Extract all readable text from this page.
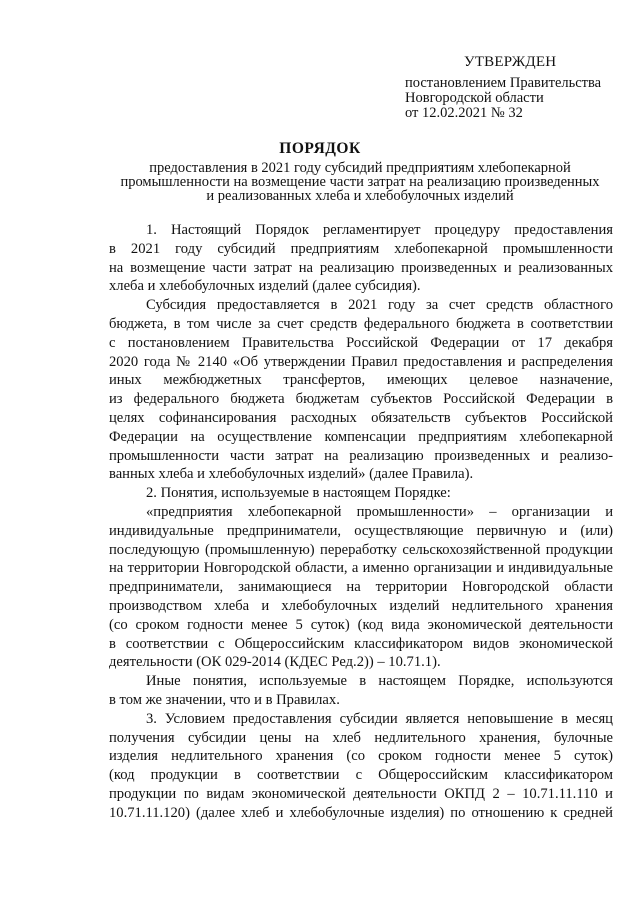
УТВЕРЖДЕН
постановлением Правительства
Новгородской области
от 12.02.2021 № 32
ПОРЯДОК
предоставления в 2021 году субсидий предприятиям хлебопекарной
промышленности на возмещение части затрат на реализацию произведенных
и реализованных хлеба и хлебобулочных изделий
1. Настоящий Порядок регламентирует процедуру предоставления
в 2021 году субсидий предприятиям хлебопекарной промышленности
на возмещение части затрат на реализацию произведенных и реализованных
хлеба и хлебобулочных изделий (далее субсидия).
Субсидия предоставляется в 2021 году за счет средств областного
бюджета, в том числе за счет средств федерального бюджета в соответствии
с постановлением Правительства Российской Федерации от 17 декабря
2020 года № 2140 «Об утверждении Правил предоставления и распределения
иных межбюджетных трансфертов, имеющих целевое назначение,
из федерального бюджета бюджетам субъектов Российской Федерации в
целях софинансирования расходных обязательств субъектов Российской
Федерации на осуществление компенсации предприятиям хлебопекарной
промышленности части затрат на реализацию произведенных и реализо-
ванных хлеба и хлебобулочных изделий» (далее Правила).
2. Понятия, используемые в настоящем Порядке:
«предприятия хлебопекарной промышленности» – организации и
индивидуальные предприниматели, осуществляющие первичную и (или)
последующую (промышленную) переработку сельскохозяйственной продукции
на территории Новгородской области, а именно организации и индивидуальные
предприниматели, занимающиеся на территории Новгородской области
производством хлеба и хлебобулочных изделий недлительного хранения
(со сроком годности менее 5 суток) (код вида экономической деятельности
в соответствии с Общероссийским классификатором видов экономической
деятельности (ОК 029-2014 (КДЕС Ред.2)) – 10.71.1).
Иные понятия, используемые в настоящем Порядке, используются
в том же значении, что и в Правилах.
3. Условием предоставления субсидии является неповышение в месяц
получения субсидии цены на хлеб недлительного хранения, булочные
изделия недлительного хранения (со сроком годности менее 5 суток)
(код продукции в соответствии с Общероссийским классификатором
продукции по видам экономической деятельности ОКПД 2 – 10.71.11.110 и
10.71.11.120) (далее хлеб и хлебобулочные изделия) по отношению к средней
